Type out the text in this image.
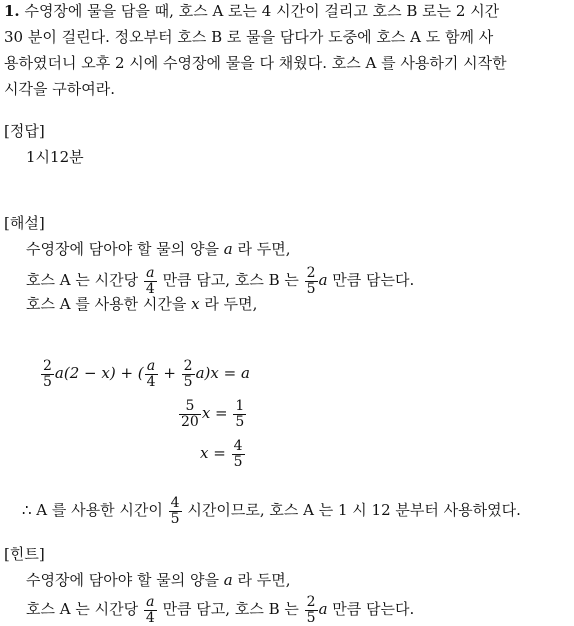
1. 수영장에 물을 담을 때, 호스 A 로는 4 시간이 걸리고 호스 B 로는 2 시간
30 분이 걸린다. 정오부터 호스 B 로 물을 담다가 도중에 호스 A 도 함께 사
용하였더니 오후 2 시에 수영장에 물을 다 채웠다. 호스 A 를 사용하기 시작한
시각을 구하여라.
[정답]
1시12분
[해설]
수영장에 담아야 할 물의 양을 a 라 두면,
호스 A 는 시간당 $\frac{a}{4}$ 만큼 담고, 호스 B 는 $\frac{2}{5}$ a 만큼 담는다.
호스 A 를 사용한 시간을 x 라 두면,
$\frac{2}{5} a(2 - x)$ + ( $\frac{a}{4} + \frac{2}{5} a)x = a$
$\frac{5}{20}$ $x = \frac{1}{5}$
$x = \frac{4}{5}$
∴ A 를 사용한 시간이 $\frac{4}{5}$ 시간이므로, 호스 A 는 1 시 12 분부터 사용하였다.
[힌트]
수영장에 담아야 할 물의 양을 a 라 두면,
호스 A 는 시간당 $\frac{a}{4}$ 만큼 담고, 호스 B 는 $\frac{2}{5}$ a 만큼 담는다.
